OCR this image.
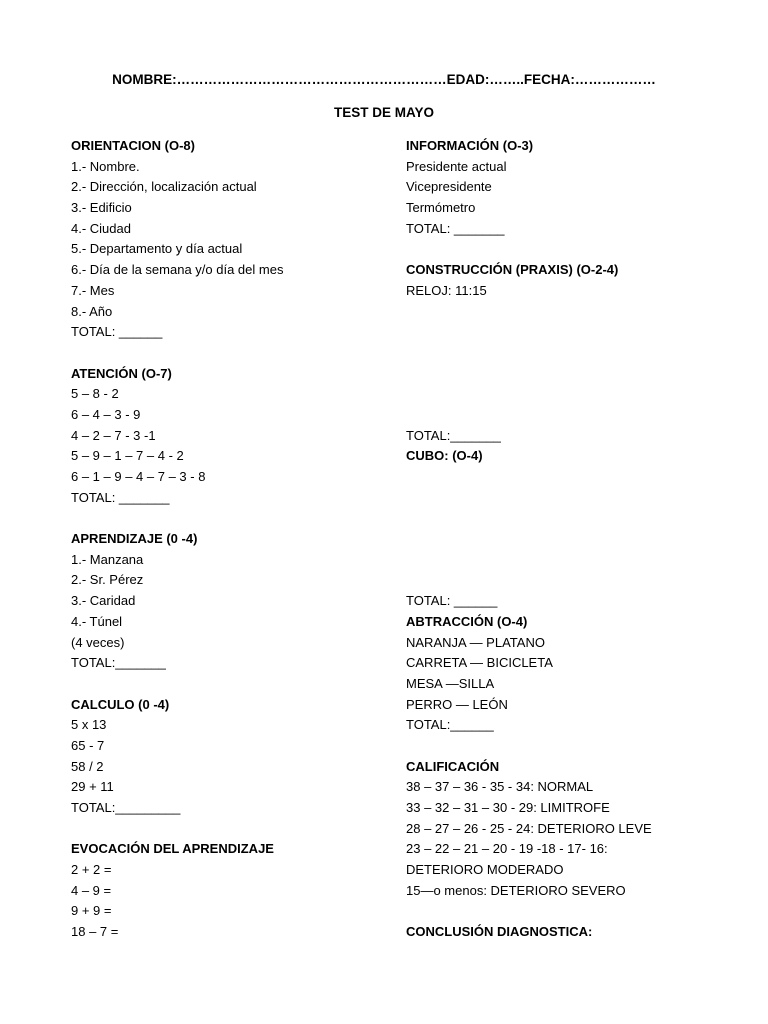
NOMBRE:……………………………………………………EDAD:……..FECHA:………………
TEST DE MAYO
ORIENTACION (O-8)
1.- Nombre.
2.- Dirección, localización actual
3.- Edificio
4.- Ciudad
5.- Departamento y día actual
6.- Día de la semana y/o día del mes
7.- Mes
8.- Año
TOTAL: ______
ATENCIÓN (O-7)
5 – 8 - 2
6 – 4 – 3 - 9
4 – 2 – 7 - 3 -1
5 – 9 – 1 – 7 – 4 - 2
6 – 1 – 9 – 4 – 7 – 3 - 8
TOTAL: _______
APRENDIZAJE (0 -4)
1.- Manzana
2.- Sr. Pérez
3.- Caridad
4.- Túnel
(4 veces)
TOTAL:_______
CALCULO (0 -4)
5 x 13
65 - 7
58 / 2
29 + 11
TOTAL:_________
EVOCACIÓN DEL APRENDIZAJE
2 + 2 =
4 – 9 =
9 + 9 =
18 – 7 =
INFORMACIÓN (O-3)
Presidente actual
Vicepresidente
Termómetro
TOTAL: _______
CONSTRUCCIÓN (PRAXIS) (O-2-4)
RELOJ: 11:15
TOTAL:_______
CUBO: (O-4)
TOTAL: ______
ABTRACCIÓN (O-4)
NARANJA — PLATANO
CARRETA — BICICLETA
MESA —SILLA
PERRO — LEÓN
TOTAL:______
CALIFICACIÓN
38 – 37 – 36 - 35 - 34: NORMAL
33 – 32 – 31 – 30 - 29: LIMITROFE
28 – 27 – 26 - 25 - 24: DETERIORO LEVE
23 – 22 – 21 – 20 - 19 -18 - 17- 16:
DETERIORO MODERADO
15—o menos: DETERIORO SEVERO
CONCLUSIÓN DIAGNOSTICA:
